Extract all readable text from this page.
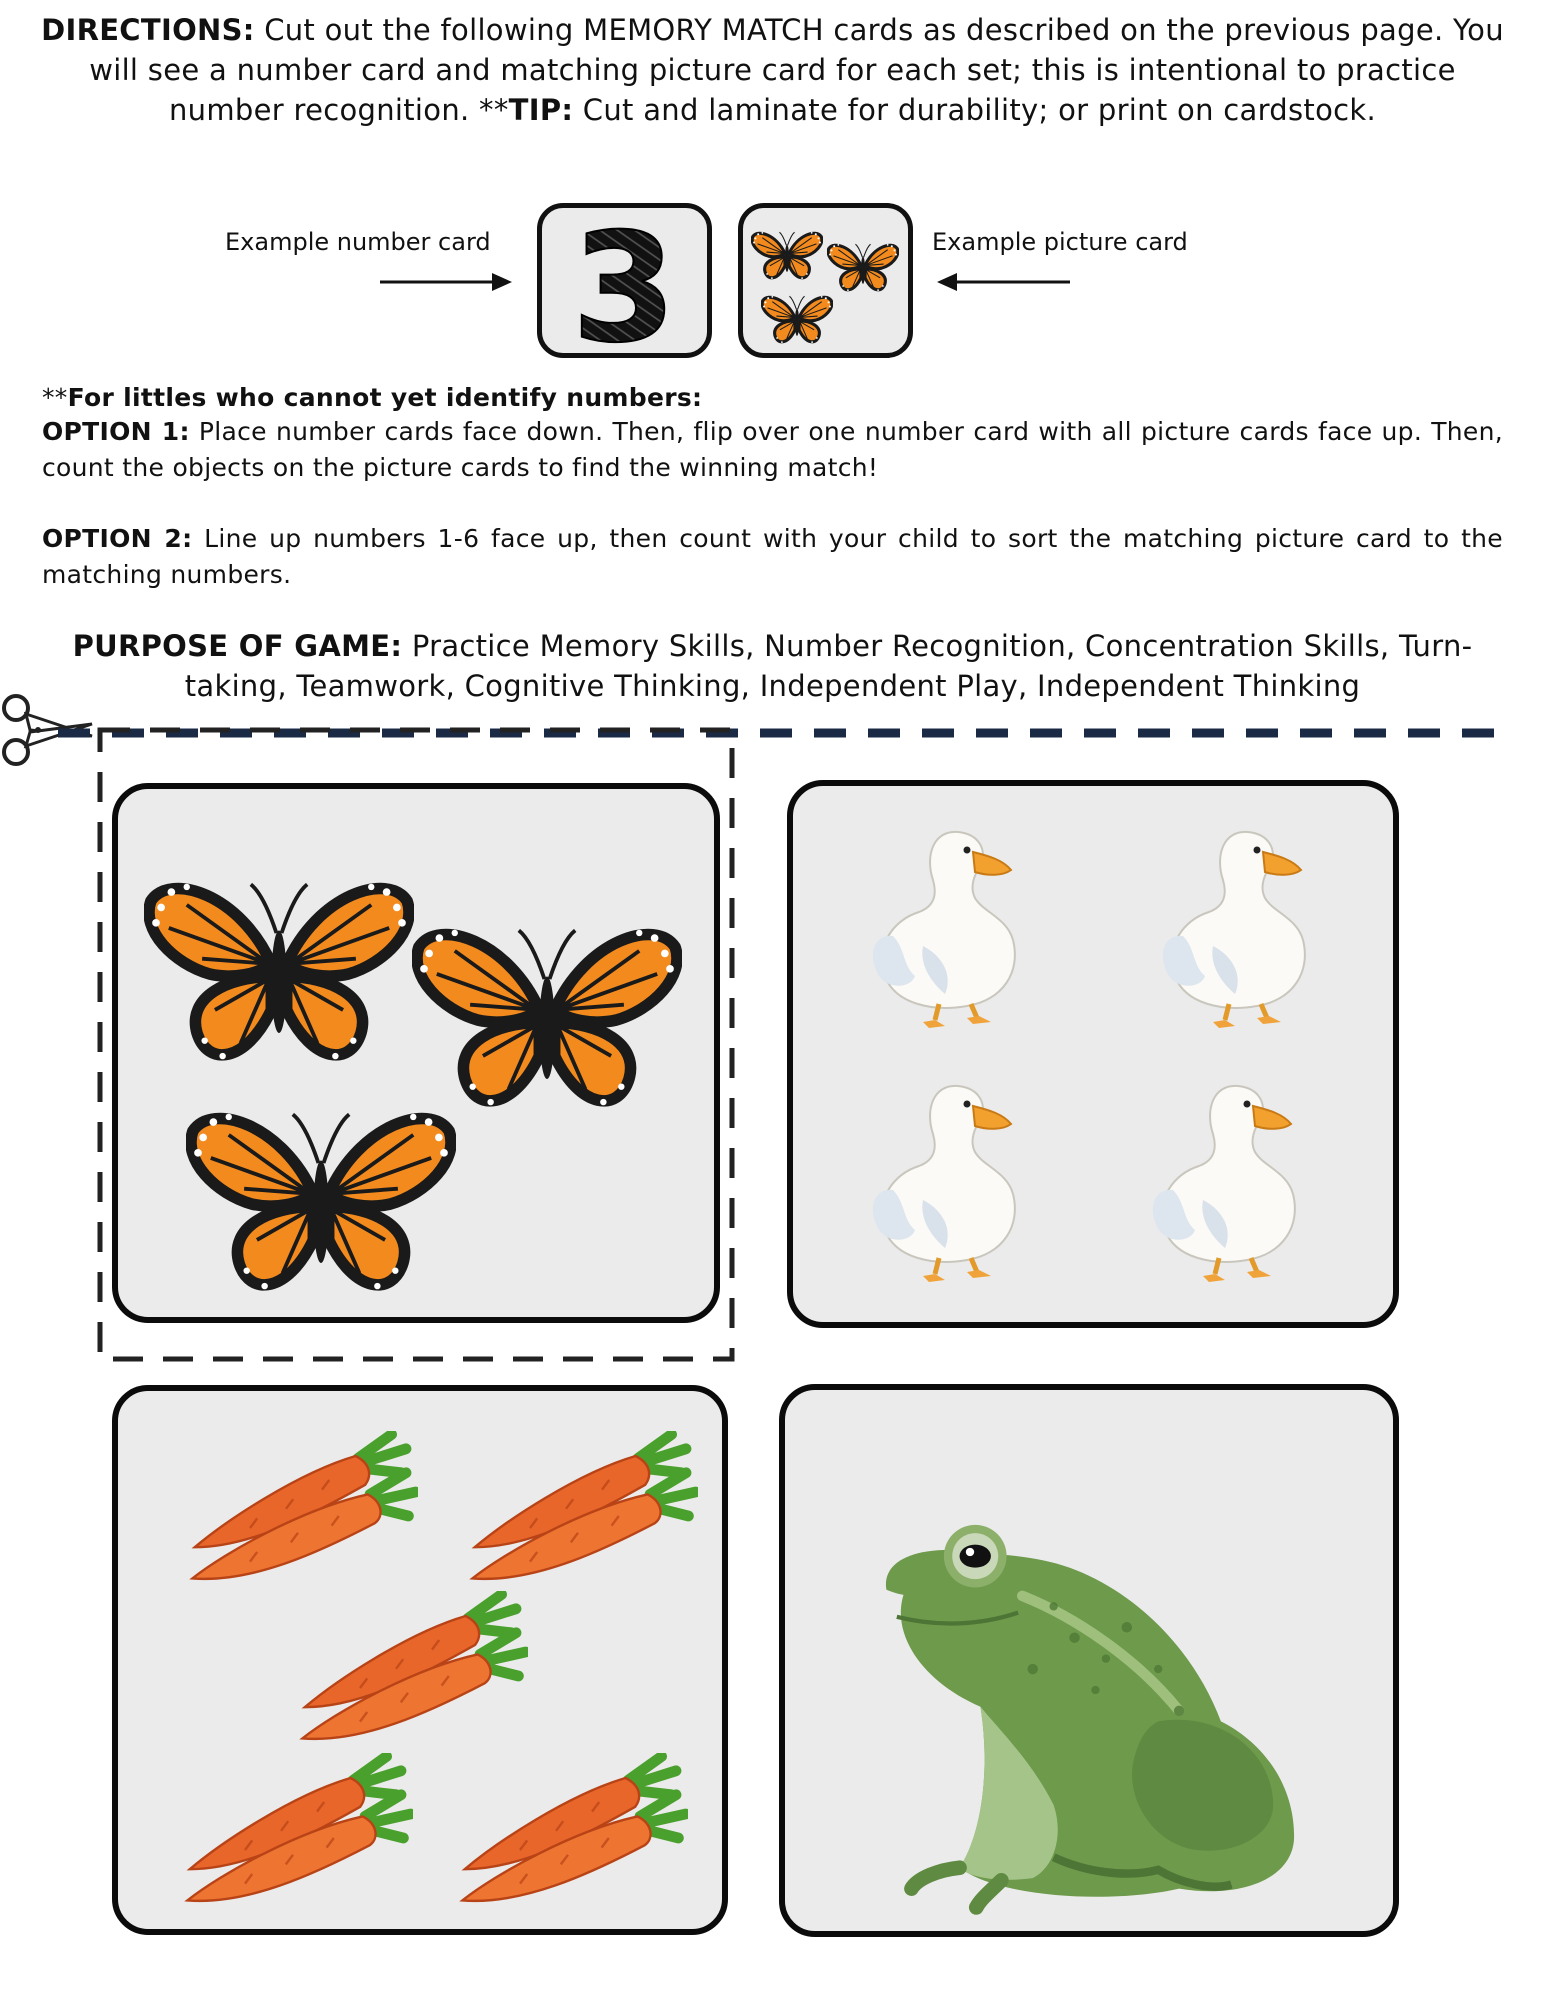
DIRECTIONS: Cut out the following MEMORY MATCH cards as described on the previous page. You will see a number card and matching picture card for each set; this is intentional to practice number recognition. **TIP: Cut and laminate for durability; or print on cardstock.
Example number card 3	Example picture card
**For littles who cannot yet identify numbers:
OPTION 1: Place number cards face down. Then, flip over one number card with all picture cards face up. Then, count the objects on the picture cards to find the winning match!
OPTION 2: Line up numbers 1-6 face up, then count with your child to sort the matching picture card to the matching numbers.
PURPOSE OF GAME: Practice Memory Skills, Number Recognition, Concentration Skills, Turn-taking, Teamwork, Cognitive Thinking, Independent Play, Independent Thinking
